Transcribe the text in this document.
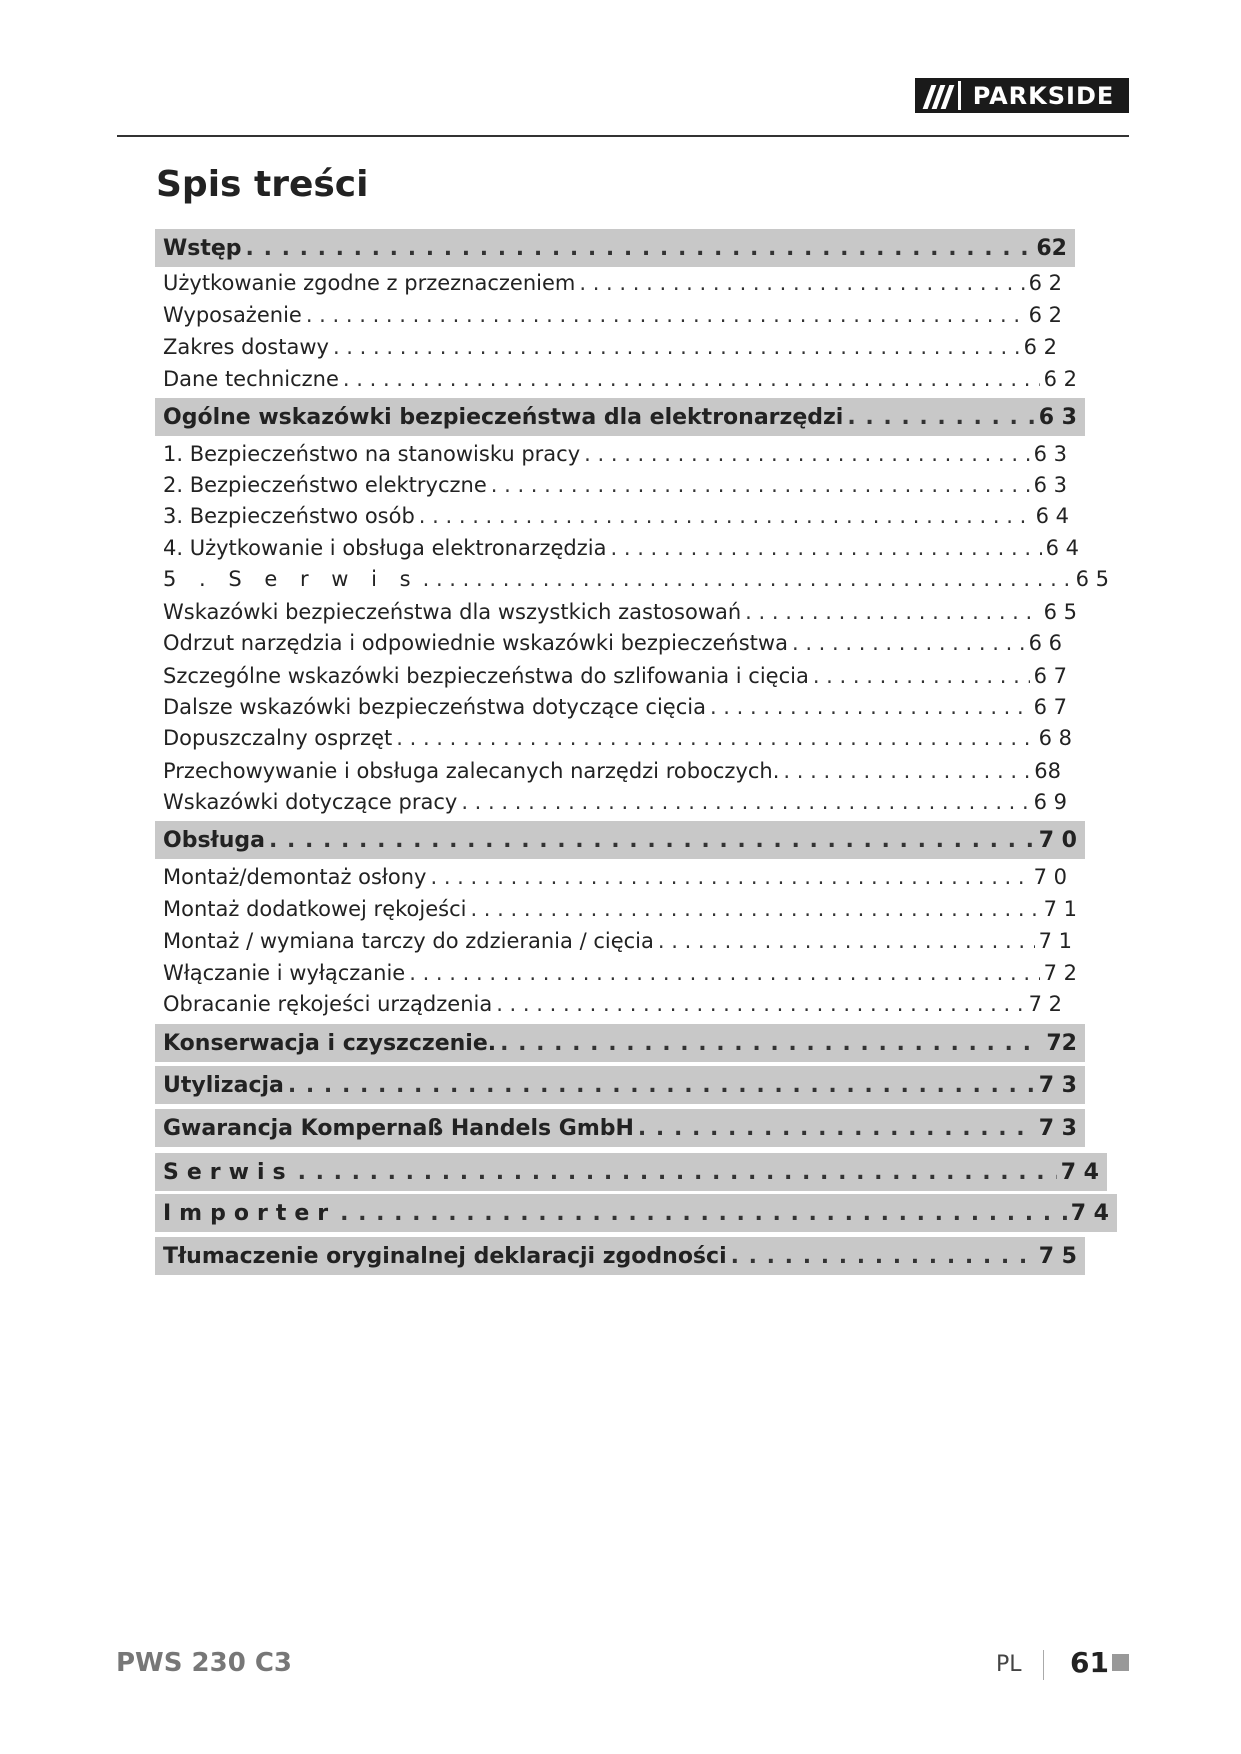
PARKSIDE
Spis treści
Wstęp . . .	62
Użytkowanie zgodne z przeznaczeniem . . .	6 2
Wyposażenie . . .	6 2
Zakres dostawy . . .	6 2
Dane techniczne . . .	6 2
Ogólne wskazówki bezpieczeństwa dla elektronarzędzi . . .	6 3
1. Bezpieczeństwo na stanowisku pracy . . .	6 3
2. Bezpieczeństwo elektryczne . . .	6 3
3. Bezpieczeństwo osób . . .	6 4
4. Użytkowanie i obsługa elektronarzędzia . . .	6 4
5 . S e r w i s . . .	6 5
Wskazówki bezpieczeństwa dla wszystkich zastosowań . . .	6 5
Odrzut narzędzia i odpowiednie wskazówki bezpieczeństwa . . .	6 6
Szczególne wskazówki bezpieczeństwa do szlifowania i cięcia . . .	6 7
Dalsze wskazówki bezpieczeństwa dotyczące cięcia . . .	6 7
Dopuszczalny osprzęt . . .	6 8
Przechowywanie i obsługa zalecanych narzędzi roboczych. . . .	68
Wskazówki dotyczące pracy . . .	6 9
Obsługa . . .	7 0
Montaż/demontaż osłony . . .	7 0
Montaż dodatkowej rękojeści . . .	7 1
Montaż / wymiana tarczy do zdzierania / cięcia . . .	7 1
Włączanie i wyłączanie . . .	7 2
Obracanie rękojeści urządzenia . . .	7 2
Konserwacja i czyszczenie. . . .	72
Utylizacja . . .	7 3
Gwarancja Kompernaß Handels GmbH . . .	7 3
Serwis . . .	7 4
Importer . . .	7 4
Tłumaczenie oryginalnej deklaracji zgodności . . .	7 5
PWS 230 C3	PL 61
